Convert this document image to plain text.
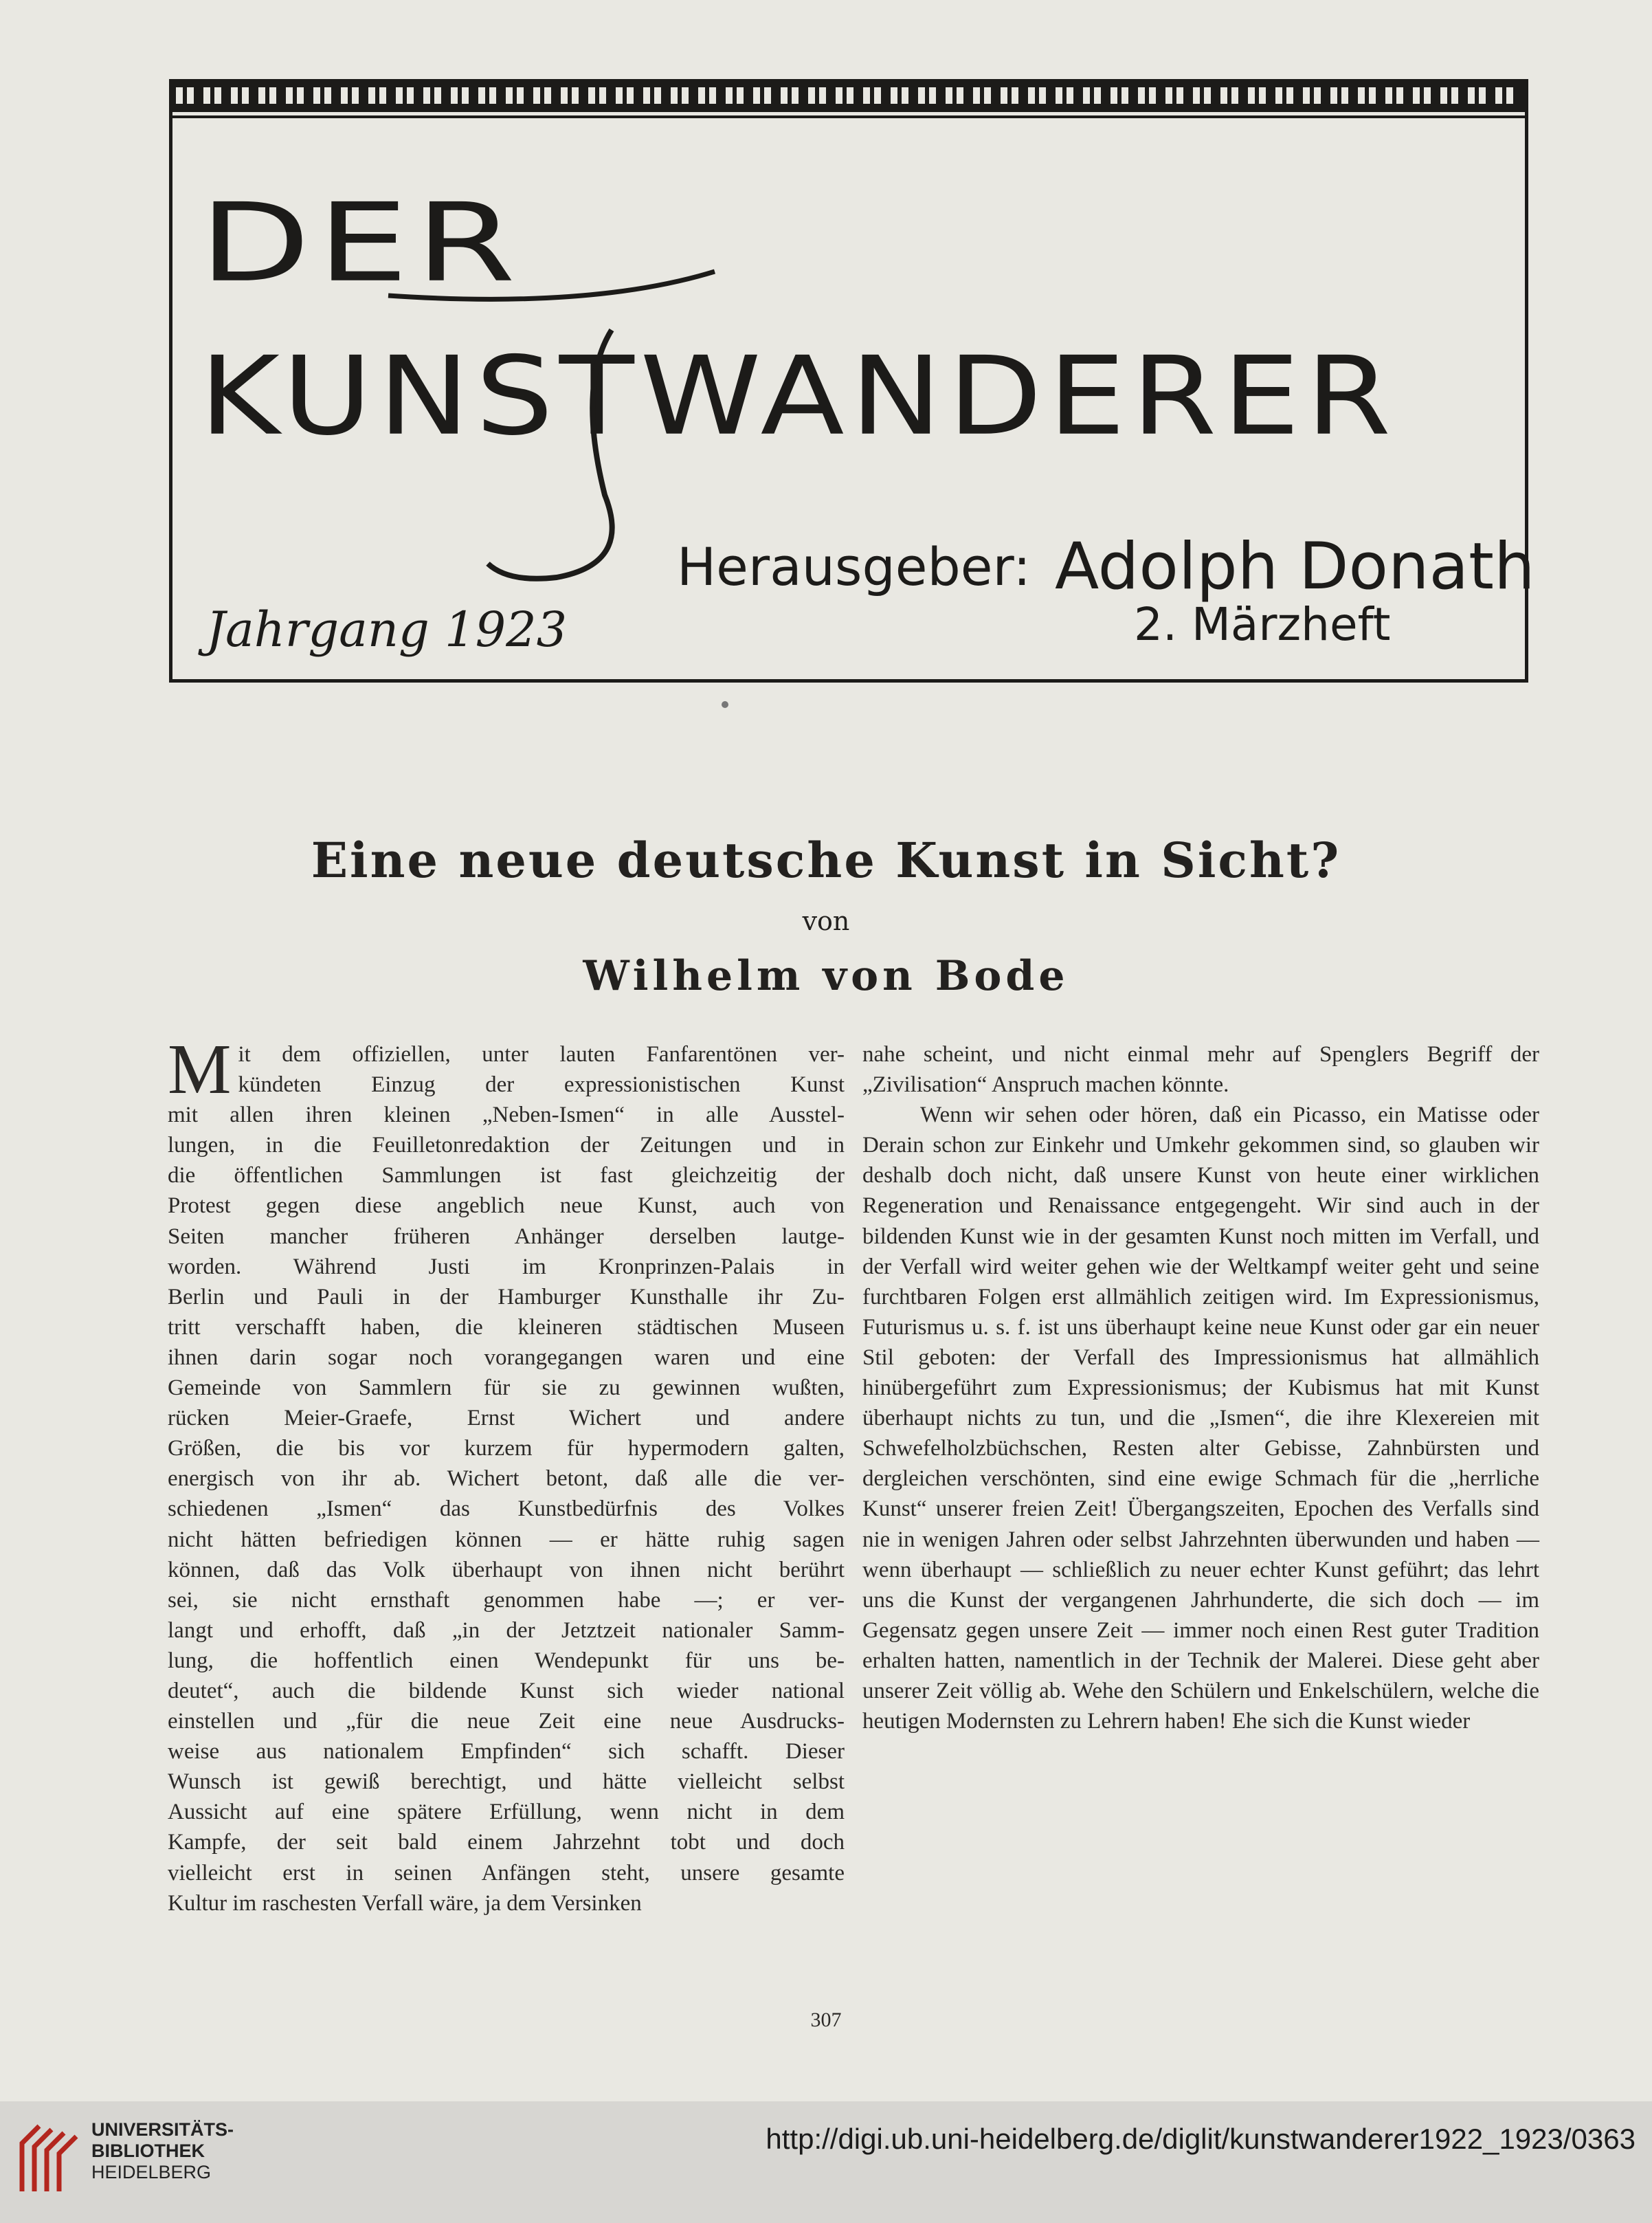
DER
KUNSTWANDERER
Herausgeber: Adolph Donath
Jahrgang 1923	2. Märzheft
Eine neue deutsche Kunst in Sicht?
von
Wilhelm von Bode
M it dem offiziellen, unter lauten Fanfarentönen ver-
kündeten Einzug der expressionistischen Kunst
mit allen ihren kleinen „Neben-Ismen“ in alle Ausstel-
lungen, in die Feuilletonredaktion der Zeitungen und in
die öffentlichen Sammlungen ist fast gleichzeitig der
Protest gegen diese angeblich neue Kunst, auch von
Seiten mancher früheren Anhänger derselben lautge-
worden. Während Justi im Kronprinzen-Palais in
Berlin und Pauli in der Hamburger Kunsthalle ihr Zu-
tritt verschafft haben, die kleineren städtischen Museen
ihnen darin sogar noch vorangegangen waren und eine
Gemeinde von Sammlern für sie zu gewinnen wußten,
rücken Meier-Graefe, Ernst Wichert und andere
Größen, die bis vor kurzem für hypermodern galten,
energisch von ihr ab. Wichert betont, daß alle die ver-
schiedenen „Ismen“ das Kunstbedürfnis des Volkes
nicht hätten befriedigen können — er hätte ruhig sagen
können, daß das Volk überhaupt von ihnen nicht berührt
sei, sie nicht ernsthaft genommen habe —; er ver-
langt und erhofft, daß „in der Jetztzeit nationaler Samm-
lung, die hoffentlich einen Wendepunkt für uns be-
deutet“, auch die bildende Kunst sich wieder national
einstellen und „für die neue Zeit eine neue Ausdrucks-
weise aus nationalem Empfinden“ sich schafft. Dieser
Wunsch ist gewiß berechtigt, und hätte vielleicht selbst
Aussicht auf eine spätere Erfüllung, wenn nicht in dem
Kampfe, der seit bald einem Jahrzehnt tobt und doch
vielleicht erst in seinen Anfängen steht, unsere gesamte
Kultur im raschesten Verfall wäre, ja dem Versinken

nahe scheint, und nicht einmal mehr auf Spenglers Begriff der „Zivilisation“ Anspruch machen könnte.

Wenn wir sehen oder hören, daß ein Picasso, ein Matisse oder Derain schon zur Einkehr und Umkehr gekommen sind, so glauben wir deshalb doch nicht, daß unsere Kunst von heute einer wirklichen Regeneration und Renaissance entgegengeht. Wir sind auch in der bildenden Kunst wie in der gesamten Kunst noch mitten im Verfall, und der Verfall wird weiter gehen wie der Weltkampf weiter geht und seine furchtbaren Folgen erst allmählich zeitigen wird. Im Expressionismus, Futurismus u. s. f. ist uns überhaupt keine neue Kunst oder gar ein neuer Stil geboten: der Verfall des Impressionismus hat allmählich hinübergeführt zum Expressionismus; der Kubismus hat mit Kunst überhaupt nichts zu tun, und die „Ismen“, die ihre Klexereien mit Schwefelholzbüchschen, Resten alter Gebisse, Zahnbürsten und dergleichen verschönten, sind eine ewige Schmach für die „herrliche Kunst“ unserer freien Zeit! Übergangszeiten, Epochen des Verfalls sind nie in wenigen Jahren oder selbst Jahrzehnten überwunden und haben — wenn überhaupt — schließlich zu neuer echter Kunst geführt; das lehrt uns die Kunst der vergangenen Jahrhunderte, die sich doch — im Gegensatz gegen unsere Zeit — immer noch einen Rest guter Tradition erhalten hatten, namentlich in der Technik der Malerei. Diese geht aber unserer Zeit völlig ab. Wehe den Schülern und Enkelschülern, welche die heutigen Modernsten zu Lehrern haben! Ehe sich die Kunst wieder

307
UNIVERSITÄTS-
BIBLIOTHEK
HEIDELBERG
http://digi.ub.uni-heidelberg.de/diglit/kunstwanderer1922_1923/0363
